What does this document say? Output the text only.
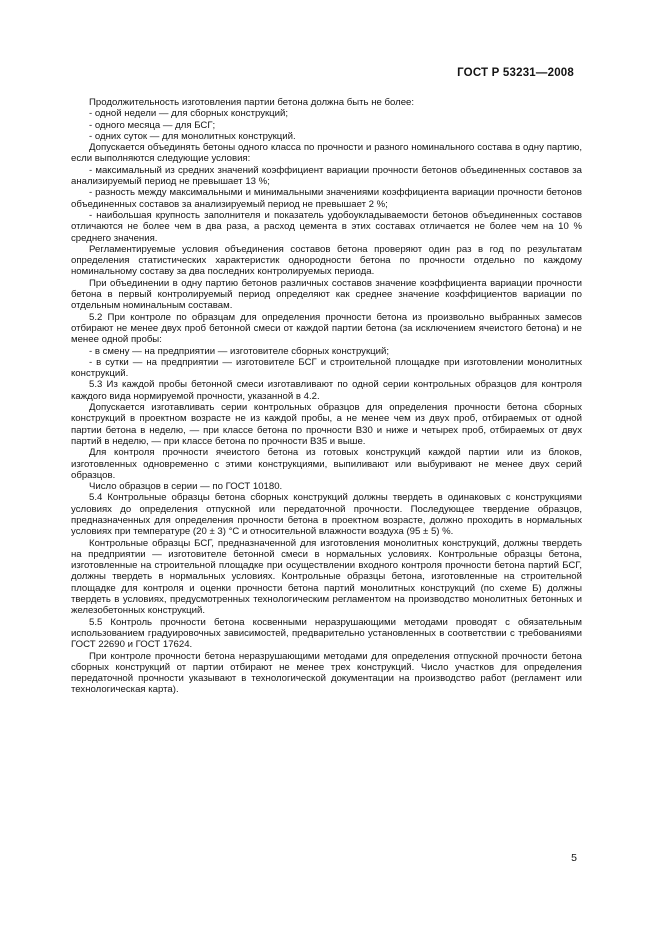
ГОСТ Р 53231—2008

Продолжительность изготовления партии бетона должна быть не более:

- одной недели — для сборных конструкций;

- одного месяца — для БСГ;

- одних суток — для монолитных конструкций.

Допускается объединять бетоны одного класса по прочности и разного номинального состава в одну партию, если выполняются следующие условия:

- максимальный из средних значений коэффициент вариации прочности бетонов объединенных составов за анализируемый период не превышает 13 %;

- разность между максимальными и минимальными значениями коэффициента вариации прочности бетонов объединенных составов за анализируемый период не превышает 2 %;

- наибольшая крупность заполнителя и показатель удобоукладываемости бетонов объединенных составов отличаются не более чем в два раза, а расход цемента в этих составах отличается не более чем на 10 % среднего значения.

Регламентируемые условия объединения составов бетона проверяют один раз в год по результатам определения статистических характеристик однородности бетона по прочности отдельно по каждому номинальному составу за два последних контролируемых периода.

При объединении в одну партию бетонов различных составов значение коэффициента вариации прочности бетона в первый контролируемый период определяют как среднее значение коэффициентов вариации по отдельным номинальным составам.

5.2 При контроле по образцам для определения прочности бетона из произвольно выбранных замесов отбирают не менее двух проб бетонной смеси от каждой партии бетона (за исключением ячеистого бетона) и не менее одной пробы:

- в смену — на предприятии — изготовителе сборных конструкций;

- в сутки — на предприятии — изготовителе БСГ и строительной площадке при изготовлении монолитных конструкций.

5.3 Из каждой пробы бетонной смеси изготавливают по одной серии контрольных образцов для контроля каждого вида нормируемой прочности, указанной в 4.2.

Допускается изготавливать серии контрольных образцов для определения прочности бетона сборных конструкций в проектном возрасте не из каждой пробы, а не менее чем из двух проб, отбираемых от одной партии бетона в неделю, — при классе бетона по прочности В30 и ниже и четырех проб, отбираемых от двух партий в неделю, — при классе бетона по прочности В35 и выше.

Для контроля прочности ячеистого бетона из готовых конструкций каждой партии или из блоков, изготовленных одновременно с этими конструкциями, выпиливают или выбуривают не менее двух серий образцов.

Число образцов в серии — по ГОСТ 10180.

5.4 Контрольные образцы бетона сборных конструкций должны твердеть в одинаковых с конструкциями условиях до определения отпускной или передаточной прочности. Последующее твердение образцов, предназначенных для определения прочности бетона в проектном возрасте, должно проходить в нормальных условиях при температуре (20 ± 3) °С и относительной влажности воздуха (95 ± 5) %.

Контрольные образцы БСГ, предназначенной для изготовления монолитных конструкций, должны твердеть на предприятии — изготовителе бетонной смеси в нормальных условиях. Контрольные образцы бетона, изготовленные на строительной площадке при осуществлении входного контроля прочности бетона партий БСГ, должны твердеть в нормальных условиях. Контрольные образцы бетона, изготовленные на строительной площадке для контроля и оценки прочности бетона партий монолитных конструкций (по схеме Б) должны твердеть в условиях, предусмотренных технологическим регламентом на производство монолитных бетонных и железобетонных конструкций.

5.5 Контроль прочности бетона косвенными неразрушающими методами проводят с обязательным использованием градуировочных зависимостей, предварительно установленных в соответствии с требованиями ГОСТ 22690 и ГОСТ 17624.

При контроле прочности бетона неразрушающими методами для определения отпускной прочности бетона сборных конструкций от партии отбирают не менее трех конструкций. Число участков для определения передаточной прочности указывают в технологической документации на производство работ (регламент или технологическая карта).

5
